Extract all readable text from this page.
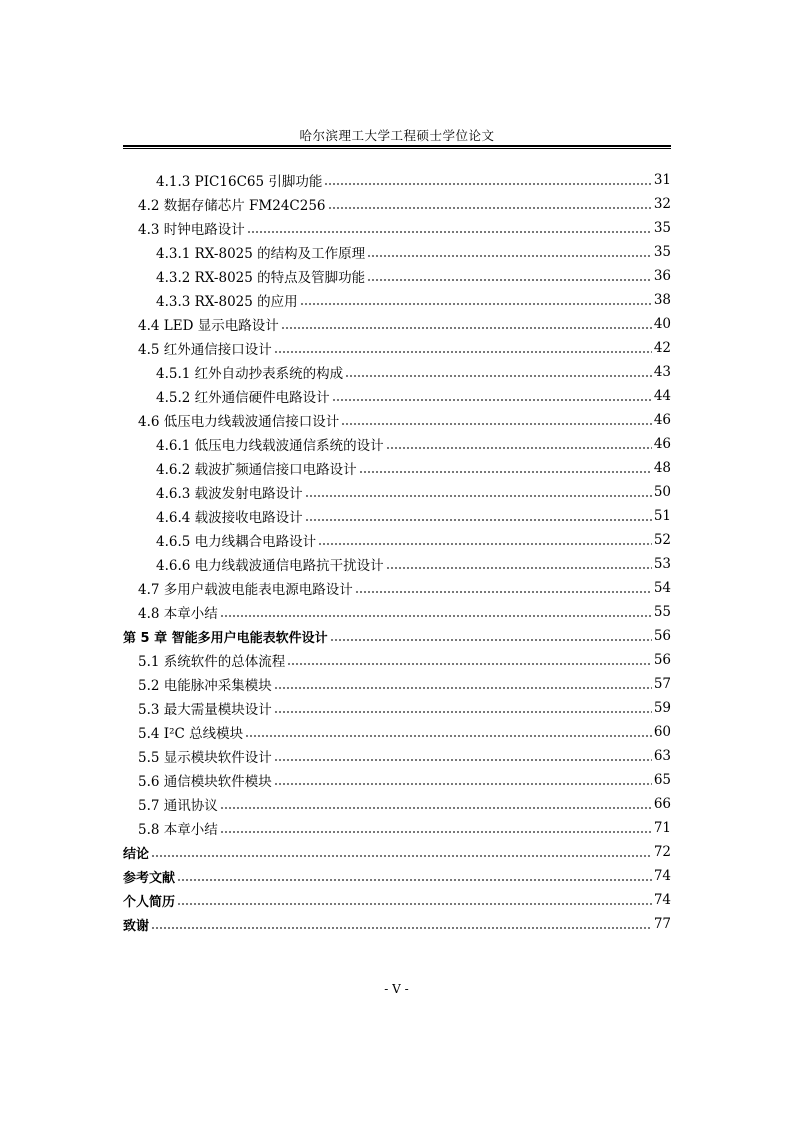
哈尔滨理工大学工程硕士学位论文
4.1.3 PIC16C65 引脚功能	31
4.2 数据存储芯片 FM24C256	32
4.3 时钟电路设计	35
4.3.1 RX-8025 的结构及工作原理	35
4.3.2 RX-8025 的特点及管脚功能	36
4.3.3 RX-8025 的应用	38
4.4 LED 显示电路设计	40
4.5 红外通信接口设计	42
4.5.1 红外自动抄表系统的构成	43
4.5.2 红外通信硬件电路设计	44
4.6 低压电力线载波通信接口设计	46
4.6.1 低压电力线载波通信系统的设计	46
4.6.2 载波扩频通信接口电路设计	48
4.6.3 载波发射电路设计	50
4.6.4 载波接收电路设计	51
4.6.5 电力线耦合电路设计	52
4.6.6 电力线载波通信电路抗干扰设计	53
4.7 多用户载波电能表电源电路设计	54
4.8 本章小结	55
第 5 章 智能多用户电能表软件设计	56
5.1 系统软件的总体流程	56
5.2 电能脉冲采集模块	57
5.3 最大需量模块设计	59
5.4 I²C 总线模块	60
5.5 显示模块软件设计	63
5.6 通信模块软件模块	65
5.7 通讯协议	66
5.8 本章小结	71
结论	72
参考文献	74
个人简历	74
致谢	77
- V -
